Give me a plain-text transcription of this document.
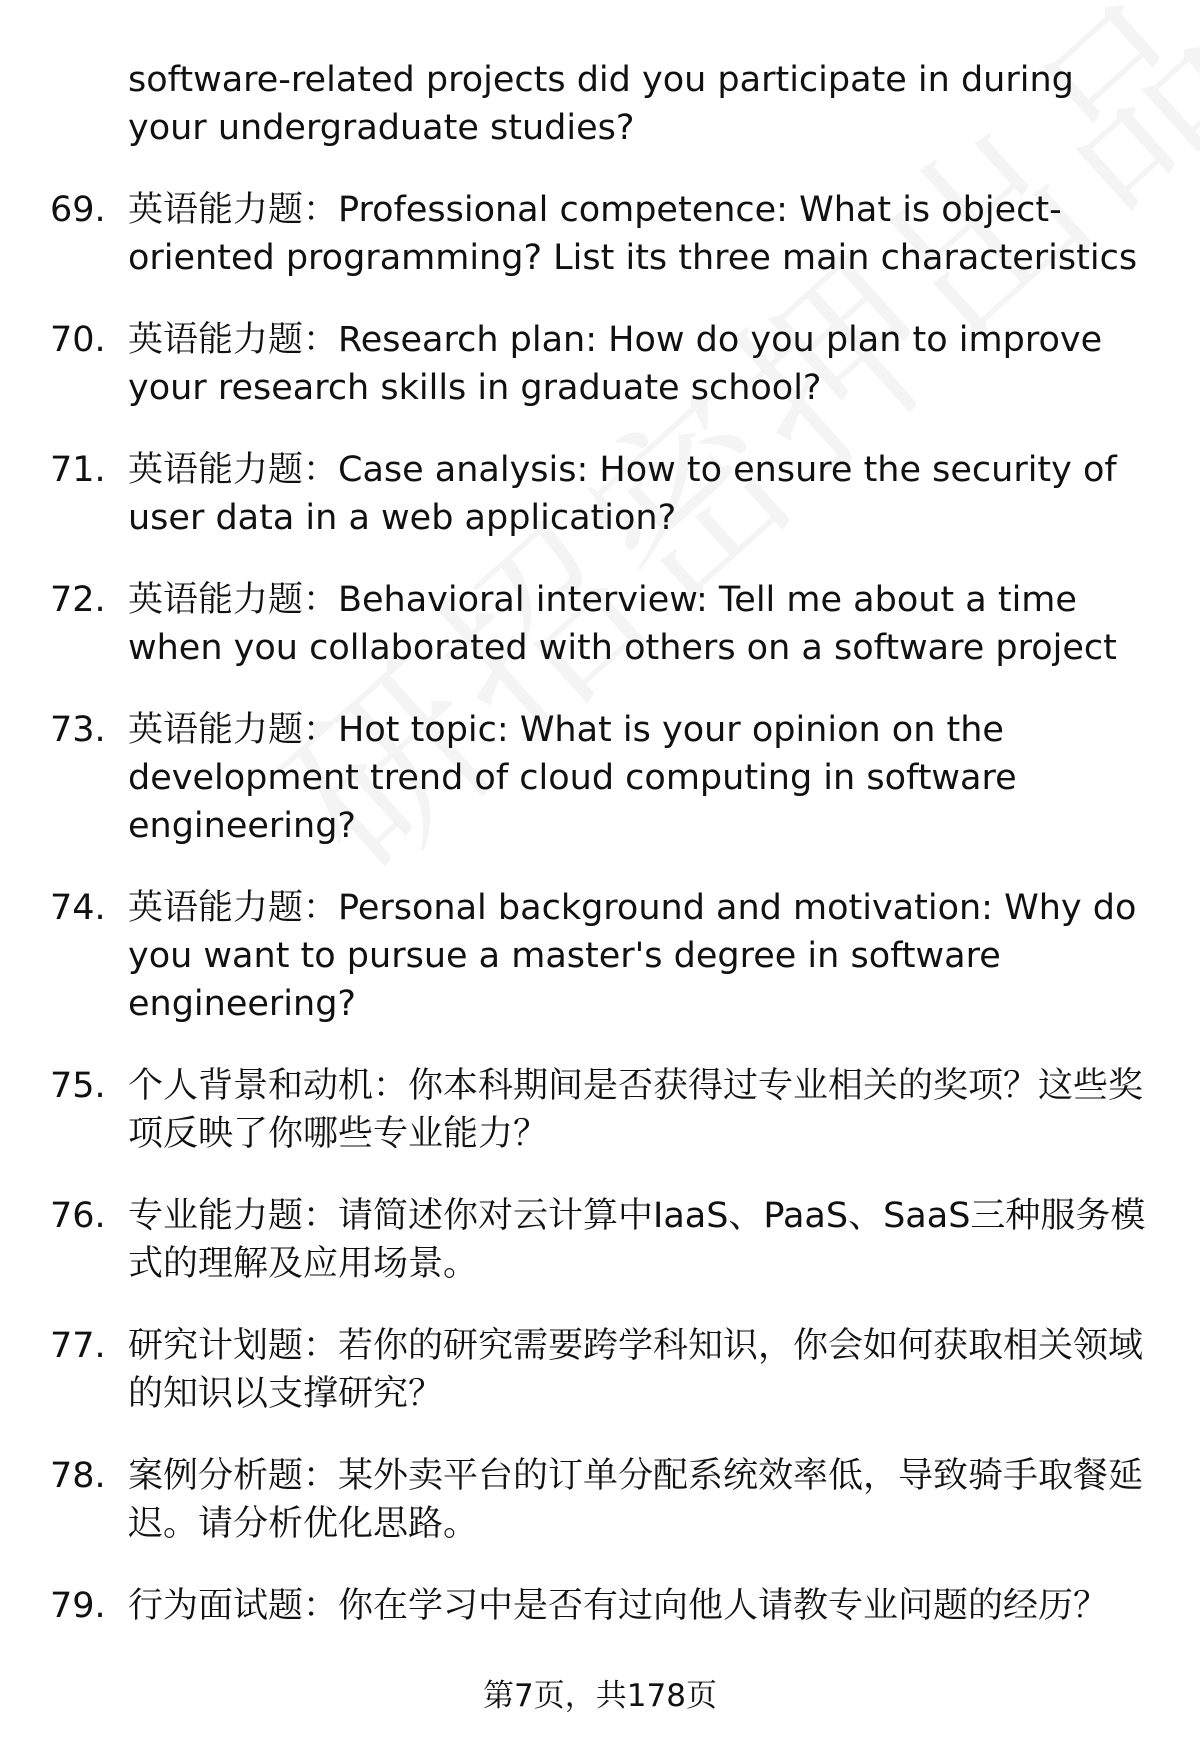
software-related projects did you participate in during your undergraduate studies?
69. 英语能力题：Professional competence: What is object-oriented programming? List its three main characteristics
70. 英语能力题：Research plan: How do you plan to improve your research skills in graduate school?
71. 英语能力题：Case analysis: How to ensure the security of user data in a web application?
72. 英语能力题：Behavioral interview: Tell me about a time when you collaborated with others on a software project
73. 英语能力题：Hot topic: What is your opinion on the development trend of cloud computing in software engineering?
74. 英语能力题：Personal background and motivation: Why do you want to pursue a master's degree in software engineering?
75. 个人背景和动机：你本科期间是否获得过专业相关的奖项？这些奖项反映了你哪些专业能力？
76. 专业能力题：请简述你对云计算中IaaS、PaaS、SaaS三种服务模式的理解及应用场景。
77. 研究计划题：若你的研究需要跨学科知识，你会如何获取相关领域的知识以支撑研究？
78. 案例分析题：某外卖平台的订单分配系统效率低，导致骑手取餐延迟。请分析优化思路。
79. 行为面试题：你在学习中是否有过向他人请教专业问题的经历？
第7页，共178页
